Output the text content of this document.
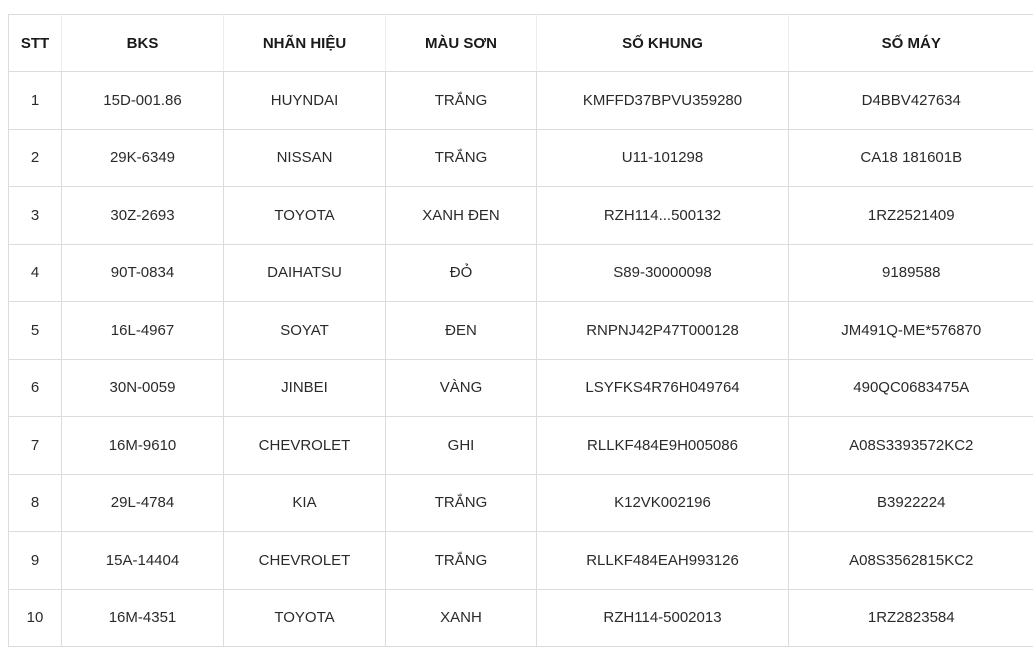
STT	BKS	NHÃN HIỆU	MÀU SƠN	SỐ KHUNG	SỐ MÁY
1	15D-001.86	HUYNDAI	TRẮNG	KMFFD37BPVU359280	D4BBV427634
2	29K-6349	NISSAN	TRẮNG	U11-101298	CA18 181601B
3	30Z-2693	TOYOTA	XANH ĐEN	RZH114...500132	1RZ2521409
4	90T-0834	DAIHATSU	ĐỎ	S89-30000098	9189588
5	16L-4967	SOYAT	ĐEN	RNPNJ42P47T000128	JM491Q-ME*576870
6	30N-0059	JINBEI	VÀNG	LSYFKS4R76H049764	490QC0683475A
7	16M-9610	CHEVROLET	GHI	RLLKF484E9H005086	A08S3393572KC2
8	29L-4784	KIA	TRẮNG	K12VK002196	B3922224
9	15A-14404	CHEVROLET	TRẮNG	RLLKF484EAH993126	A08S3562815KC2
10	16M-4351	TOYOTA	XANH	RZH114-5002013	1RZ2823584
